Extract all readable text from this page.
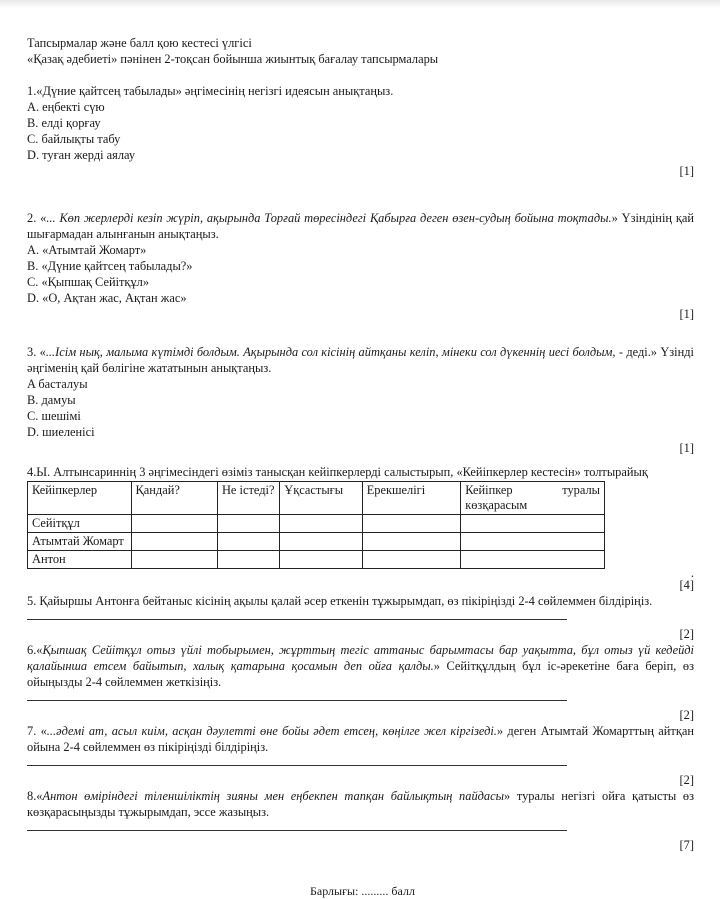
Тапсырмалар және балл қою кестесі үлгісі

«Қазақ әдебиеті» пәнінен 2-тоқсан бойынша жиынтық бағалау тапсырмалары

1.«Дүние қайтсең табылады» әңгімесінің негізгі идеясын анықтаңыз.

A. еңбекті сүю

B. елді қорғау

C. байлықты табу

D. туған жерді аялау

[1]

2. «... Көп жерлерді кезіп жүріп, ақырында Торғай төресіндегі Қабырға деген өзен-судың бойына тоқтады.» Үзіндінің қай шығармадан алынғанын анықтаңыз.

A. «Атымтай Жомарт»

B. «Дүние қайтсең табылады?»

C. «Қыпшақ Сейітқұл»

D. «О, Ақтан жас, Ақтан жас»

[1]

3. «...Ісім нық, малыма күтімді болдым. Ақырында сол кісінің айтқаны келіп, мінеки сол дүкеннің иесі болдым, - деді.» Үзінді әңгіменің қай бөлігіне жататынын анықтаңыз.

A басталуы

B. дамуы

C. шешімі

D. шиеленісі

[1]

4.Ы. Алтынсариннің 3 әңгімесіндегі өзіміз танысқан кейіпкерлерді салыстырып, «Кейіпкерлер кестесін» толтырайық

Кейіпкерлер	Қандай?	Не істеді?	Ұқсастығы	Ерекшелігі	Кейіпкер туралы
көзқарасым

Сейітқұл					
Атымтай Жомарт					
Антон					

.

[4]

5. Қайыршы Антонға бейтаныс кісінің ақылы қалай әсер еткенін тұжырымдап, өз пікіріңізді 2-4 сөйлеммен білдіріңіз.

[2]

6.«Қыпшақ Сейітқұл отыз үйлі тобырымен, жұрттың тегіс аттаныс барымтасы бар уақытта, бұл отыз үй кедейді қалайынша етсем байытып, халық қатарына қосамын деп ойға қалды.» Сейітқұлдың бұл іс-әрекетіне баға беріп, өз ойыңызды 2-4 сөйлеммен жеткізіңіз.

[2]

7. «...әдемі ат, асыл киім, асқан дәулетті өне бойы әдет етсең, көңілге жел кіргізеді.» деген Атымтай Жомарттың айтқан ойына 2-4 сөйлеммен өз пікіріңізді білдіріңіз.

[2]

8.«Антон өміріндегі тіленшіліктің зияны мен еңбекпен тапқан байлықтың пайдасы» туралы негізгі ойға қатысты өз көзқарасыңызды тұжырымдап, эссе жазыңыз.

[7]

Барлығы: ......... балл
